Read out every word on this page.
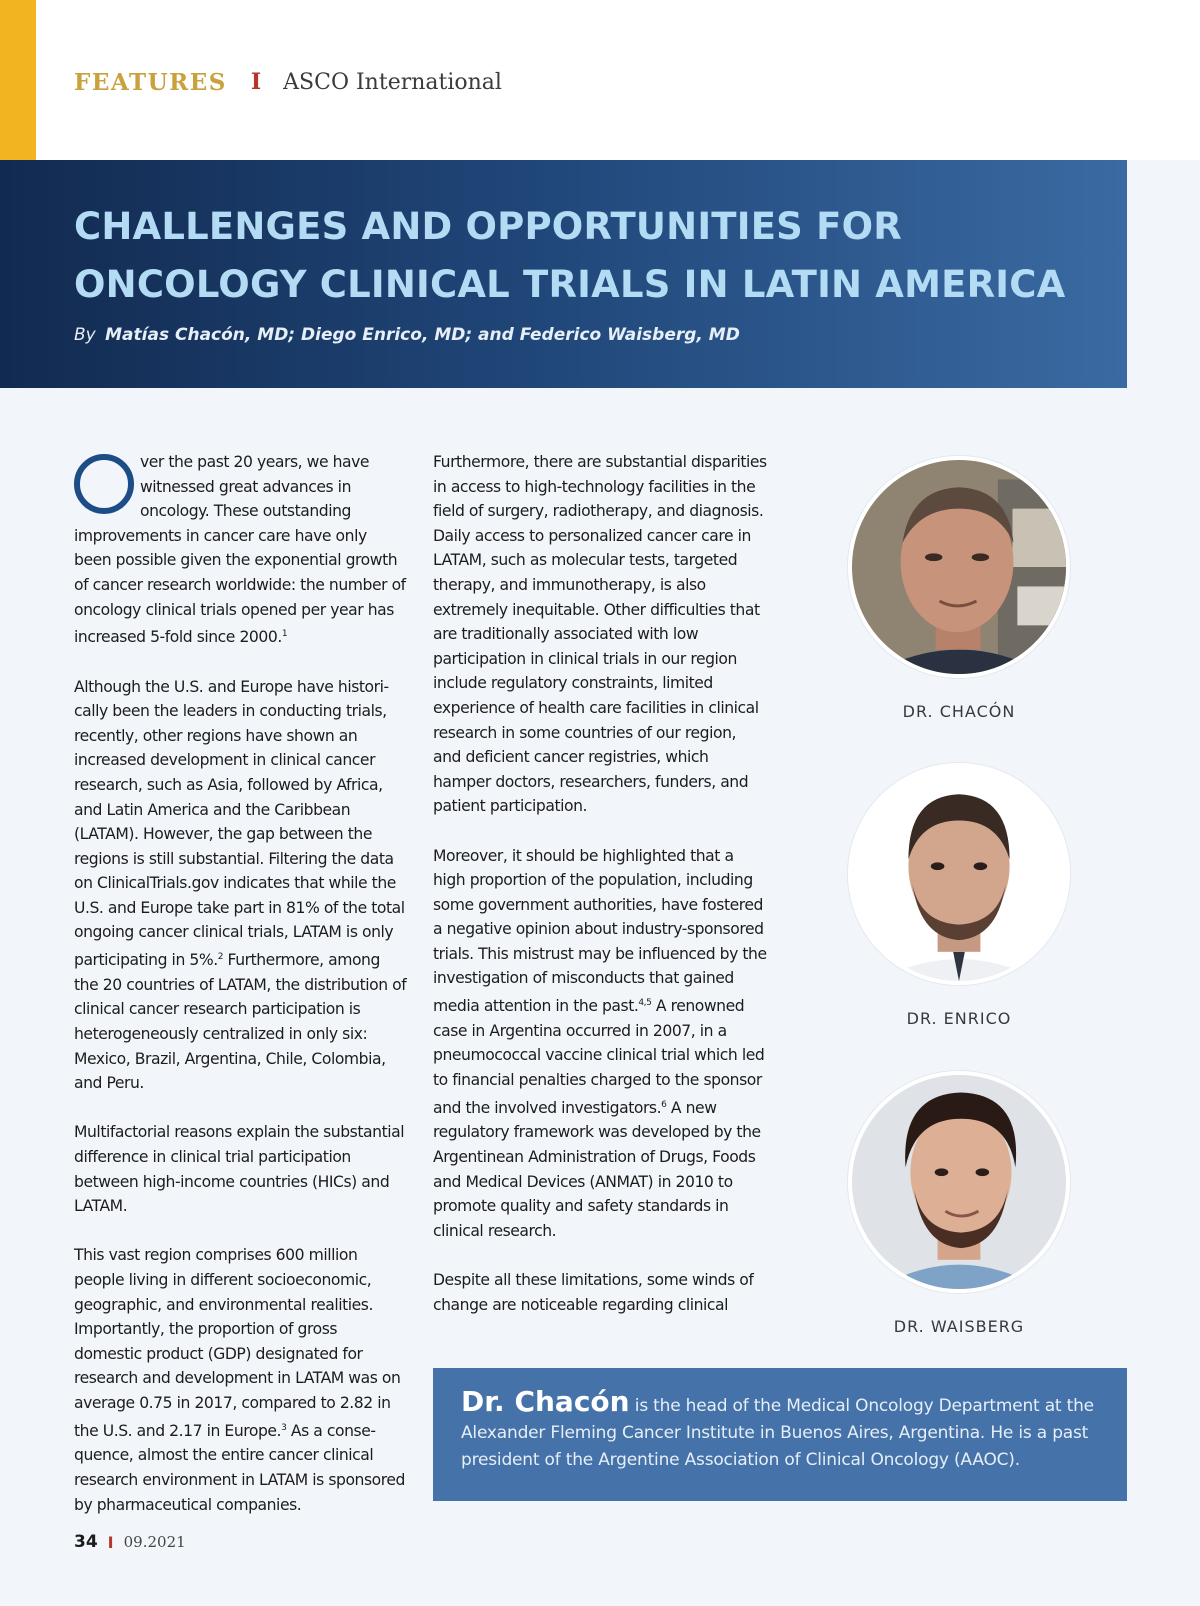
FEATURES I ASCO International
CHALLENGES AND OPPORTUNITIES FOR ONCOLOGY CLINICAL TRIALS IN LATIN AMERICA

By Matías Chacón, MD; Diego Enrico, MD; and Federico Waisberg, MD

ver the past 20 years, we have witnessed great advances in oncology. These outstanding improvements in cancer care have only been possible given the exponential growth of cancer research worldwide: the number of oncology clinical trials opened per year has increased 5-fold since 2000.$^1$

Although the U.S. and Europe have historically been the leaders in conducting trials, recently, other regions have shown an increased development in clinical cancer research, such as Asia, followed by Africa, and Latin America and the Caribbean (LATAM). However, the gap between the regions is still substantial. Filtering the data on ClinicalTrials.gov indicates that while the U.S. and Europe take part in 81% of the total ongoing cancer clinical trials, LATAM is only participating in 5%.$^2$ Furthermore, among the 20 countries of LATAM, the distribution of clinical cancer research participation is heterogeneously centralized in only six: Mexico, Brazil, Argentina, Chile, Colombia, and Peru.

Multifactorial reasons explain the substantial difference in clinical trial participation between high-income countries (HICs) and LATAM.

This vast region comprises 600 million people living in different socioeconomic, geographic, and environmental realities. Importantly, the proportion of gross domestic product (GDP) designated for research and development in LATAM was on average 0.75 in 2017, compared to 2.82 in the U.S. and 2.17 in Europe.$^3$ As a consequence, almost the entire cancer clinical research environment in LATAM is sponsored by pharmaceutical companies.

Furthermore, there are substantial disparities in access to high-technology facilities in the field of surgery, radiotherapy, and diagnosis. Daily access to personalized cancer care in LATAM, such as molecular tests, targeted therapy, and immunotherapy, is also extremely inequitable. Other difficulties that are traditionally associated with low participation in clinical trials in our region include regulatory constraints, limited experience of health care facilities in clinical research in some countries of our region, and deficient cancer registries, which hamper doctors, researchers, funders, and patient participation.

Moreover, it should be highlighted that a high proportion of the population, including some government authorities, have fostered a negative opinion about industry-sponsored trials. This mistrust may be influenced by the investigation of misconducts that gained media attention in the past.$^{4,5}$ A renowned case in Argentina occurred in 2007, in a pneumococcal vaccine clinical trial which led to financial penalties charged to the sponsor and the involved investigators.$^6$ A new regulatory framework was developed by the Argentinean Administration of Drugs, Foods and Medical Devices (ANMAT) in 2010 to promote quality and safety standards in clinical research.

Despite all these limitations, some winds of change are noticeable regarding clinical

DR. CHACÓN
DR. ENRICO
DR. WAISBERG
Dr. Chacón is the head of the Medical Oncology Department at the Alexander Fleming Cancer Institute in Buenos Aires, Argentina. He is a past president of the Argentine Association of Clinical Oncology (AAOC).
34 I 09.2021
